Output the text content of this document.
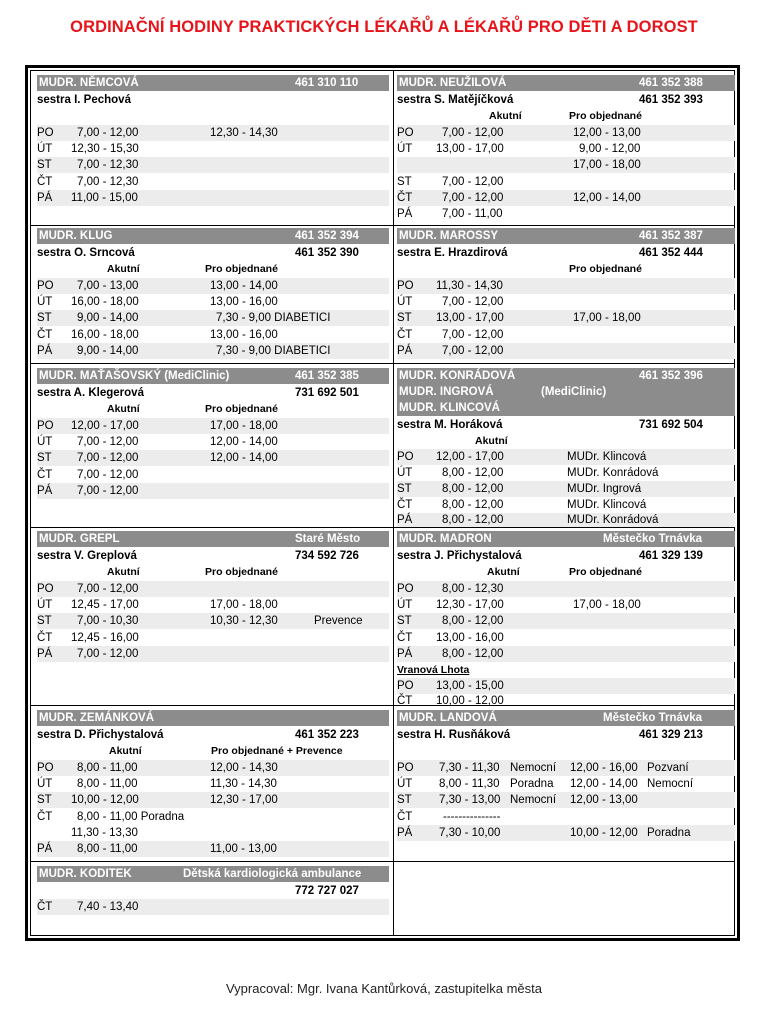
ORDINAČNÍ HODINY PRAKTICKÝCH LÉKAŘŮ A LÉKAŘŮ PRO DĚTI A DOROST
MUDR. NĚMCOVÁ	461 310 110
sestra I. Pechová
PO 7,00 - 12,00	12,30 - 14,30
ÚT 12,30 - 15,30
ST 7,00 - 12,30
ČT 7,00 - 12,30
PÁ 11,00 - 15,00
MUDR. NEUŽILOVÁ	461 352 388
sestra S. Matějíčková	461 352 393
Akutní	Pro objednané
PO 7,00 - 12,00	12,00 - 13,00
ÚT 13,00 - 17,00	9,00 - 12,00
17,00 - 18,00
ST	7,00 - 12,00
ČT	7,00 - 12,00	12,00 - 14,00
PÁ	7,00 - 11,00
MUDR. KLUG	461 352 394
sestra O. Srncová	461 352 390
Akutní	Pro objednané
PO 7,00 - 13,00	13,00 - 14,00
ÚT 16,00 - 18,00	13,00 - 16,00
ST 9,00 - 14,00	7,30 - 9,00 DIABETICI
ČT 16,00 - 18,00	13,00 - 16,00
PÁ 9,00 - 14,00	7,30 - 9,00 DIABETICI
MUDR. MAROSSY	461 352 387
sestra E. Hrazdirová	461 352 444
Pro objednané
PO 11,30 - 14,30
ÚT	7,00 - 12,00
ST 13,00 - 17,00	17,00 - 18,00
ČT	7,00 - 12,00
PÁ	7,00 - 12,00
MUDR. MAŤAŠOVSKÝ (MediClinic)	461 352 385
sestra A. Klegerová	731 692 501
Akutní	Pro objednané
PO 12,00 - 17,00	17,00 - 18,00
ÚT 7,00 - 12,00	12,00 - 14,00
ST 7,00 - 12,00	12,00 - 14,00
ČT 7,00 - 12,00
PÁ 7,00 - 12,00
MUDR. KONRÁDOVÁ	461 352 396
MUDR. INGROVÁ	(MediClinic)
MUDR. KLINCOVÁ
sestra M. Horáková	731 692 504
Akutní
PO 12,00 - 17,00	MUDr. Klincová
ÚT	8,00 - 12,00	MUDr. Konrádová
ST	8,00 - 12,00	MUDr. Ingrová
ČT	8,00 - 12,00	MUDr. Klincová
PÁ	8,00 - 12,00	MUDr. Konrádová
MUDR. GREPL	Staré Město
sestra V. Greplová	734 592 726
Akutní	Pro objednané
PO 7,00 - 12,00
ÚT 12,45 - 17,00	17,00 - 18,00
ST 7,00 - 10,30	10,30 - 12,30	Prevence
ČT 12,45 - 16,00
PÁ 7,00 - 12,00
MUDR. MADRON	Městečko Trnávka
sestra J. Přichystalová	461 329 139
Akutní	Pro objednané
PO 8,00 - 12,30
ÚT 12,30 - 17,00	17,00 - 18,00
ST	8,00 - 12,00
ČT 13,00 - 16,00
PÁ	8,00 - 12,00
Vranová Lhota
PO 13,00 - 15,00
ČT 10,00 - 12,00
MUDR. ZEMÁNKOVÁ
sestra D. Přichystalová	461 352 223
Akutní	Pro objednané + Prevence
PO 8,00 - 11,00	12,00 - 14,30
ÚT 8,00 - 11,00	11,30 - 14,30
ST 10,00 - 12,00	12,30 - 17,00
ČT 8,00 - 11,00 Poradna
11,30 - 13,30
PÁ 8,00 - 11,00	11,00 - 13,00
MUDR. LANDOVÁ	Městečko Trnávka
sestra H. Rusňáková	461 329 213
PO 7,30 - 11,30 Nemocní 12,00 - 16,00 Pozvaní
ÚT 8,00 - 11,30 Poradna 12,00 - 14,00 Nemocní
ST 7,30 - 13,00 Nemocní 12,00 - 13,00
ČT	---------------
PÁ 7,30 - 10,00	10,00 - 12,00 Poradna
MUDR. KODITEK	Dětská kardiologická ambulance
772 727 027
ČT 7,40 - 13,40
Vypracoval: Mgr. Ivana Kantůrková, zastupitelka města
